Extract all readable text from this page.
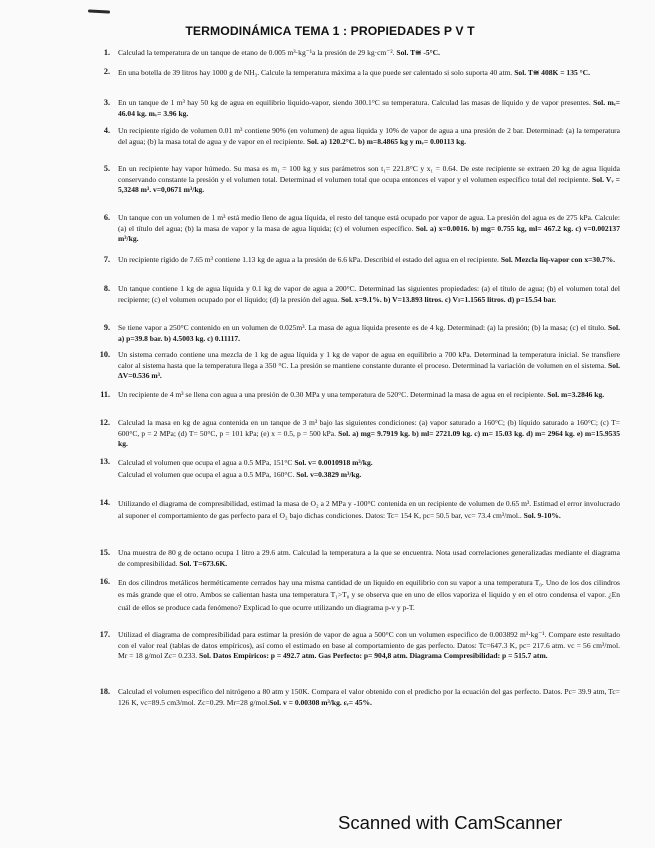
TERMODINÁMICA TEMA 1 : PROPIEDADES P V T
1. Calculad la temperatura de un tanque de etano de 0.005 m³·kg⁻¹a la presión de 29 kg·cm⁻². Sol. T≅ -5°C.
2. En una botella de 39 litros hay 1000 g de NH₃. Calcule la temperatura máxima a la que puede ser calentado si solo suporta 40 atm. Sol. T≅ 408K = 135 °C.
3. En un tanque de 1 m³ hay 50 kg de agua en equilibrio liquido-vapor, siendo 300.1°C su temperatura. Calculad las masas de líquido y de vapor presentes. Sol. mₑ= 46.04 kg. mᵥ= 3.96 kg.
4. Un recipiente rígido de volumen 0.01 m³ contiene 90% (en volumen) de agua líquida y 10% de vapor de agua a una presión de 2 bar. Determinad: (a) la temperatura del agua; (b) la masa total de agua y de vapor en el recipiente. Sol. a) 120.2°C. b) m=8.4865 kg y mᵥ= 0.00113 kg.
5. En un recipiente hay vapor húmedo. Su masa es m₁ = 100 kg y sus parámetros son t₁= 221.8°C y x₁ = 0.64. De este recipiente se extraen 20 kg de agua líquida conservando constante la presión y el volumen total. Determinad el volumen total que ocupa entonces el vapor y el volumen específico total del recipiente. Sol. Vᵥ = 5,3248 m³. v=0,0671 m³/kg.
6. Un tanque con un volumen de 1 m³ está medio lleno de agua líquida, el resto del tanque está ocupado por vapor de agua. La presión del agua es de 275 kPa. Calcule: (a) el título del agua; (b) la masa de vapor y la masa de agua líquida; (c) el volumen específico. Sol. a) x=0.0016. b) mg= 0.755 kg, ml= 467.2 kg. c) v=0.002137 m³/kg.
7. Un recipiente rígido de 7.65 m³ contiene 1.13 kg de agua a la presión de 6.6 kPa. Describid el estado del agua en el recipiente. Sol. Mezcla liq-vapor con x=30.7%.
8. Un tanque contiene 1 kg de agua líquida y 0.1 kg de vapor de agua a 200°C. Determinad las siguientes propiedades: (a) el título de agua; (b) el volumen total del recipiente; (c) el volumen ocupado por el líquido; (d) la presión del agua. Sol. x=9.1%. b) V=13.893 litros. c) Vₗ=1.1565 litros. d) p=15.54 bar.
9. Se tiene vapor a 250°C contenido en un volumen de 0.025m³. La masa de agua líquida presente es de 4 kg. Determinad: (a) la presión; (b) la masa; (c) el título. Sol. a) p=39.8 bar. b) 4.5003 kg. c) 0.11117.
10. Un sistema cerrado contiene una mezcla de 1 kg de agua líquida y 1 kg de vapor de agua en equilibrio a 700 kPa. Determinad la temperatura inicial. Se transfiere calor al sistema hasta que la temperatura llega a 350 °C. La presión se mantiene constante durante el proceso. Determinad la variación de volumen en el sistema. Sol. ΔV=0.536 m³.
11. Un recipiente de 4 m³ se llena con agua a una presión de 0.30 MPa y una temperatura de 520°C. Determinad la masa de agua en el recipiente. Sol. m=3.2846 kg.
12. Calculad la masa en kg de agua contenida en un tanque de 3 m³ bajo las siguientes condiciones: (a) vapor saturado a 160°C; (b) líquido saturado a 160°C; (c) T= 600°C, p = 2 MPa; (d) T= 50°C, p = 101 kPa; (e) x = 0.5, p = 500 kPa. Sol. a) mg= 9.7919 kg. b) ml= 2721.09 kg. c) m= 15.03 kg. d) m= 2964 kg. e) m=15.9535 kg.
13. Calculad el volumen que ocupa el agua a 0.5 MPa, 151°C Sol. v= 0.0010918 m³/kg.
Calculad el volumen que ocupa el agua a 0.5 MPa, 160°C. Sol. v=0.3829 m³/kg.
14. Utilizando el diagrama de compresibilidad, estimad la masa de O₂ a 2 MPa y -100°C contenida en un recipiente de volumen de 0.65 m³. Estimad el error involucrado al suponer el comportamiento de gas perfecto para el O₂ bajo dichas condiciones. Datos: Tc= 154 K, pc= 50.5 bar, vc= 73.4 cm³/mol.. Sol. 9-10%.
15. Una muestra de 80 g de octano ocupa 1 litro a 29.6 atm. Calculad la temperatura a la que se encuentra. Nota usad correlaciones generalizadas mediante el diagrama de compresibilidad. Sol. T=673.6K.
16. En dos cilindros metálicos herméticamente cerrados hay una misma cantidad de un liquido en equilibrio con su vapor a una temperatura T₀. Uno de los dos cilindros es más grande que el otro. Ambos se calientan hasta una temperatura T₁>T₀ y se observa que en uno de ellos vaporiza el liquido y en el otro condensa el vapor. ¿En cuál de ellos se produce cada fenómeno? Explicad lo que ocurre utilizando un diagrama p-v y p-T.
17. Utilizad el diagrama de compresibilidad para estimar la presión de vapor de agua a 500°C con un volumen especifico de 0.003892 m³·kg⁻¹. Compare este resultado con el valor real (tablas de datos empíricos), así como el estimado en base al comportamiento de gas perfecto. Datos: Tc=647.3 K, pc= 217.6 atm. vc = 56 cm³/mol. Mr = 18 g/mol Zc= 0.233. Sol. Datos Empíricos: p = 492.7 atm. Gas Perfecto: p= 904,8 atm. Diagrama Compresibilidad: p = 515.7 atm.
18. Calculad el volumen especifico del nitrógeno a 80 atm y 150K. Compara el valor obtenido con el predicho por la ecuación del gas perfecto. Datos. Pc= 39.9 atm, Tc= 126 K, vc=89.5 cm3/mol. Zc=0.29. Mr=28 g/mol.Sol. v = 0.00308 m³/kg. εᵣ= 45%.
Scanned with CamScanner
